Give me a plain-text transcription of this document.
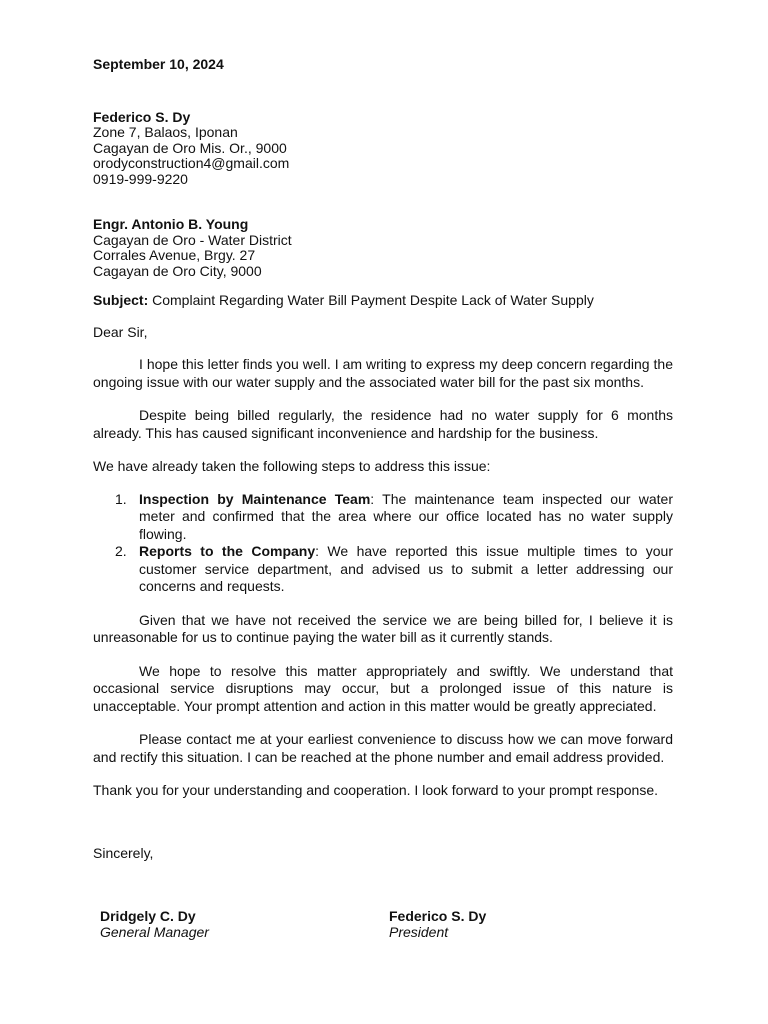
September 10, 2024

Federico S. Dy
Zone 7, Balaos, Iponan
Cagayan de Oro Mis. Or., 9000
orodyconstruction4@gmail.com
0919-999-9220
Engr. Antonio B. Young
Cagayan de Oro - Water District
Corrales Avenue, Brgy. 27
Cagayan de Oro City, 9000

Subject: Complaint Regarding Water Bill Payment Despite Lack of Water Supply

Dear Sir,

I hope this letter finds you well. I am writing to express my deep concern regarding the ongoing issue with our water supply and the associated water bill for the past six months.

Despite being billed regularly, the residence had no water supply for 6 months already. This has caused significant inconvenience and hardship for the business.

We have already taken the following steps to address this issue:

1. Inspection by Maintenance Team: The maintenance team inspected our water meter and confirmed that the area where our office located has no water supply flowing.
2. Reports to the Company: We have reported this issue multiple times to your customer service department, and advised us to submit a letter addressing our concerns and requests.

Given that we have not received the service we are being billed for, I believe it is unreasonable for us to continue paying the water bill as it currently stands.

We hope to resolve this matter appropriately and swiftly. We understand that occasional service disruptions may occur, but a prolonged issue of this nature is unacceptable. Your prompt attention and action in this matter would be greatly appreciated.

Please contact me at your earliest convenience to discuss how we can move forward and rectify this situation. I can be reached at the phone number and email address provided.

Thank you for your understanding and cooperation. I look forward to your prompt response.

Sincerely,

Dridgely C. Dy
General Manager
Federico S. Dy
President
